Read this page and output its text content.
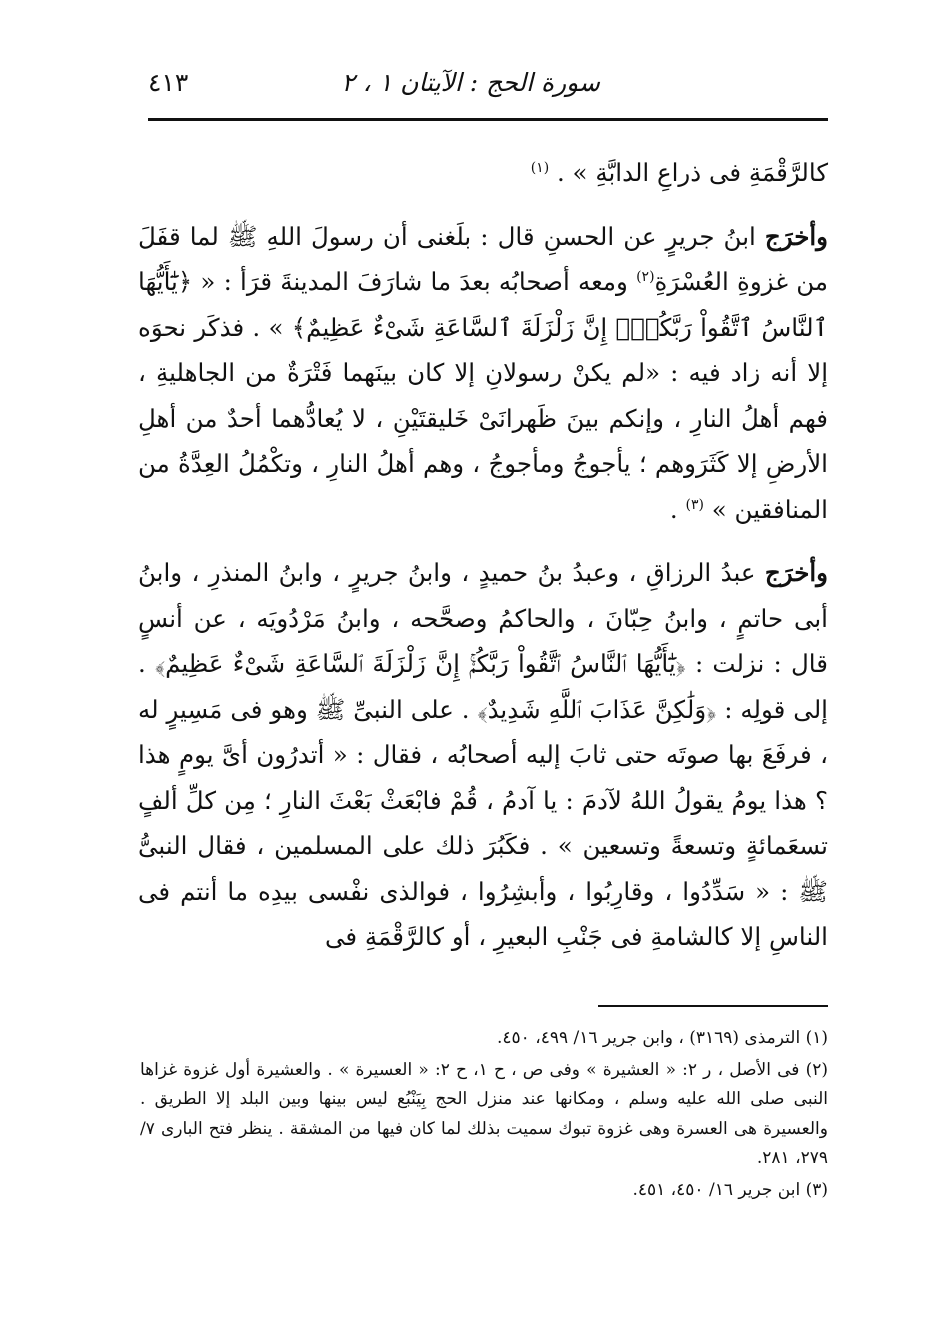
سورة الحج : الآيتان ١ ، ٢
٤١٣

كالرَّقْمَةِ فى ذراعِ الدابَّةِ » . $^{(١)}$

وأخرَج ابنُ جريرٍ عن الحسنِ قال : بلَغنى أن رسولَ اللهِ ﷺ لما قفَلَ من غزوةِ العُسْرَةِ$^{(٢)}$ ومعه أصحابُه بعدَ ما شارَفَ المدينةَ قرَأ : « ﴿يَٰٓأَيُّهَا ٱلنَّاسُ ٱتَّقُواْ رَبَّكُمْۚ إِنَّ زَلْزَلَةَ ٱلسَّاعَةِ شَىْءٌ عَظِيمٌ﴾ » . فذكَر نحوَه إلا أنه زاد فيه : «لم يكنْ رسولانِ إلا كان بينَهما فَتْرَةٌ من الجاهليةِ ، فهم أهلُ النارِ ، وإنكم بينَ ظَهرانَىْ خَليقتَيْنِ ، لا يُعادُّهما أحدٌ من أهلِ الأرضِ إلا كَثَرَوهم ؛ يأجوجُ ومأجوجُ ، وهم أهلُ النارِ ، وتكْمُلُ العِدَّةُ من المنافقين » $^{(٣)}$ .

وأخرَج عبدُ الرزاقِ ، وعبدُ بنُ حميدٍ ، وابنُ جريرٍ ، وابنُ المنذرِ ، وابنُ أبى حاتمٍ ، وابنُ حِبّانَ ، والحاكمُ وصحَّحه ، وابنُ مَرْدُويَه ، عن أنسٍ قال : نزلت : ﴿يَٰٓأَيُّهَا ٱلنَّاسُ ٱتَّقُواْ رَبَّكُمْۚ إِنَّ زَلْزَلَةَ ٱلسَّاعَةِ شَىْءٌ عَظِيمٌ﴾ . إلى قولِه : ﴿وَلَٰكِنَّ عَذَابَ ٱللَّهِ شَدِيدٌ﴾ . على النبىِّ ﷺ وهو فى مَسِيرٍ له ، فرفَعَ بها صوتَه حتى ثابَ إليه أصحابُه ، فقال : « أتدرُون أىَّ يومٍ هذا ؟ هذا يومُ يقولُ اللهُ لآدمَ : يا آدمُ ، قُمْ فابْعَثْ بَعْثَ النارِ ؛ مِن كلِّ ألفٍ تسعَمائةٍ وتسعةً وتسعين » . فكَبُرَ ذلك على المسلمين ، فقال النبىُّ ﷺ : « سَدِّدُوا ، وقارِبُوا ، وأبشِرُوا ، فوالذى نفْسى بيدِه ما أنتم فى الناسِ إلا كالشامةِ فى جَنْبِ البعيرِ ، أو كالرَّقْمَةِ فى

(١) الترمذى (٣١٦٩) ، وابن جرير ١٦/ ٤٩٩، ٤٥٠.

(٢) فى الأصل ، ر ٢: « العشيرة » وفى ص ، ح ١، ح ٢: « العسيرة » . والعشيرة أول غزوة غزاها النبى صلى الله عليه وسلم ، ومكانها عند منزل الحج بِيَنْبُع ليس بينها وبين البلد إلا الطريق . والعسيرة هى العسرة وهى غزوة تبوك سميت بذلك لما كان فيها من المشقة . ينظر فتح البارى ٧/ ٢٧٩، ٢٨١.

(٣) ابن جرير ١٦/ ٤٥٠، ٤٥١.
